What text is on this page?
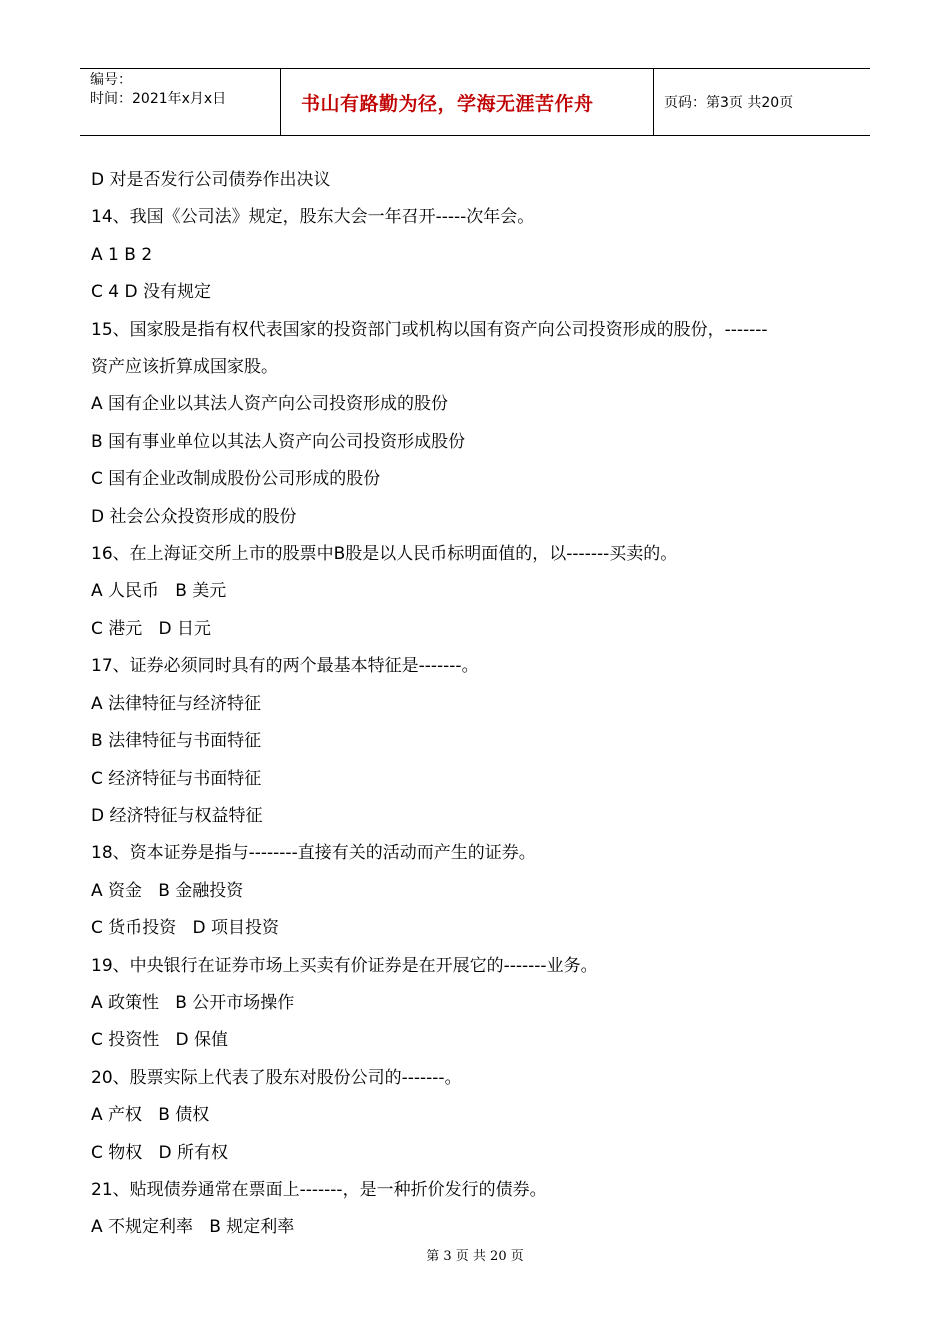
编号：
时间：2021年x月x日	书山有路勤为径，学海无涯苦作舟	页码：第3页 共20页

D 对是否发行公司债券作出决议

14、我国《公司法》规定，股东大会一年召开-----次年会。

A 1 B 2

C 4 D 没有规定

15、国家股是指有权代表国家的投资部门或机构以国有资产向公司投资形成的股份，-------

资产应该折算成国家股。

A 国有企业以其法人资产向公司投资形成的股份

B 国有事业单位以其法人资产向公司投资形成股份

C 国有企业改制成股份公司形成的股份

D 社会公众投资形成的股份

16、在上海证交所上市的股票中B股是以人民币标明面值的，以-------买卖的。

A 人民币   B 美元

C 港元   D 日元

17、证券必须同时具有的两个最基本特征是-------。

A 法律特征与经济特征

B 法律特征与书面特征

C 经济特征与书面特征

D 经济特征与权益特征

18、资本证券是指与--------直接有关的活动而产生的证券。

A 资金   B 金融投资

C 货币投资   D 项目投资

19、中央银行在证券市场上买卖有价证券是在开展它的-------业务。

A 政策性   B 公开市场操作

C 投资性   D 保值

20、股票实际上代表了股东对股份公司的-------。

A 产权   B 债权

C 物权   D 所有权

21、贴现债券通常在票面上-------，是一种折价发行的债券。

A 不规定利率   B 规定利率

第 3 页 共 20 页
